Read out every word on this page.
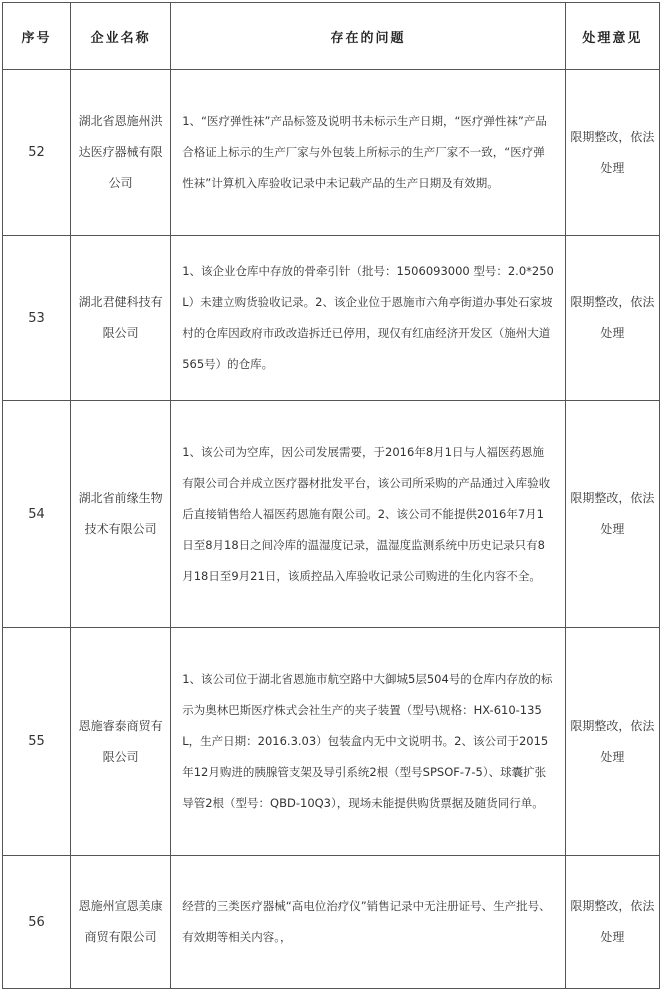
序号	企业名称	存在的问题	处理意见
52	湖北省恩施州洪达医疗器械有限公司	1、“医疗弹性袜”产品标签及说明书未标示生产日期，“医疗弹性袜”产品合格证上标示的生产厂家与外包装上所标示的生产厂家不一致，“医疗弹性袜”计算机入库验收记录中未记载产品的生产日期及有效期。	限期整改，依法处理
53	湖北君健科技有限公司	1、该企业仓库中存放的骨牵引针（批号：1506093000 型号：2.0*250L）未建立购货验收记录。2、该企业位于恩施市六角亭街道办事处石家坡村的仓库因政府市政改造拆迁已停用，现仅有红庙经济开发区（施州大道565号）的仓库。	限期整改，依法处理
54	湖北省前缘生物技术有限公司	1、该公司为空库，因公司发展需要，于2016年8月1日与人福医药恩施有限公司合并成立医疗器材批发平台，该公司所采购的产品通过入库验收后直接销售给人福医药恩施有限公司。2、该公司不能提供2016年7月1日至8月18日之间冷库的温湿度记录，温湿度监测系统中历史记录只有8月18日至9月21日，该质控品入库验收记录公司购进的生化内容不全。	限期整改，依法处理
55	恩施睿泰商贸有限公司	1、该公司位于湖北省恩施市航空路中大御城5层504号的仓库内存放的标示为奥林巴斯医疗株式会社生产的夹子装置（型号\规格：HX-610-135L，生产日期：2016.3.03）包装盒内无中文说明书。2、该公司于2015年12月购进的胰腺管支架及导引系统2根（型号SPSOF-7-5）、球囊扩张导管2根（型号：QBD-10Q3），现场未能提供购货票据及随货同行单。	限期整改，依法处理
56	恩施州宣恩美康商贸有限公司	经营的三类医疗器械“高电位治疗仪”销售记录中无注册证号、生产批号、有效期等相关内容。，	限期整改，依法处理
